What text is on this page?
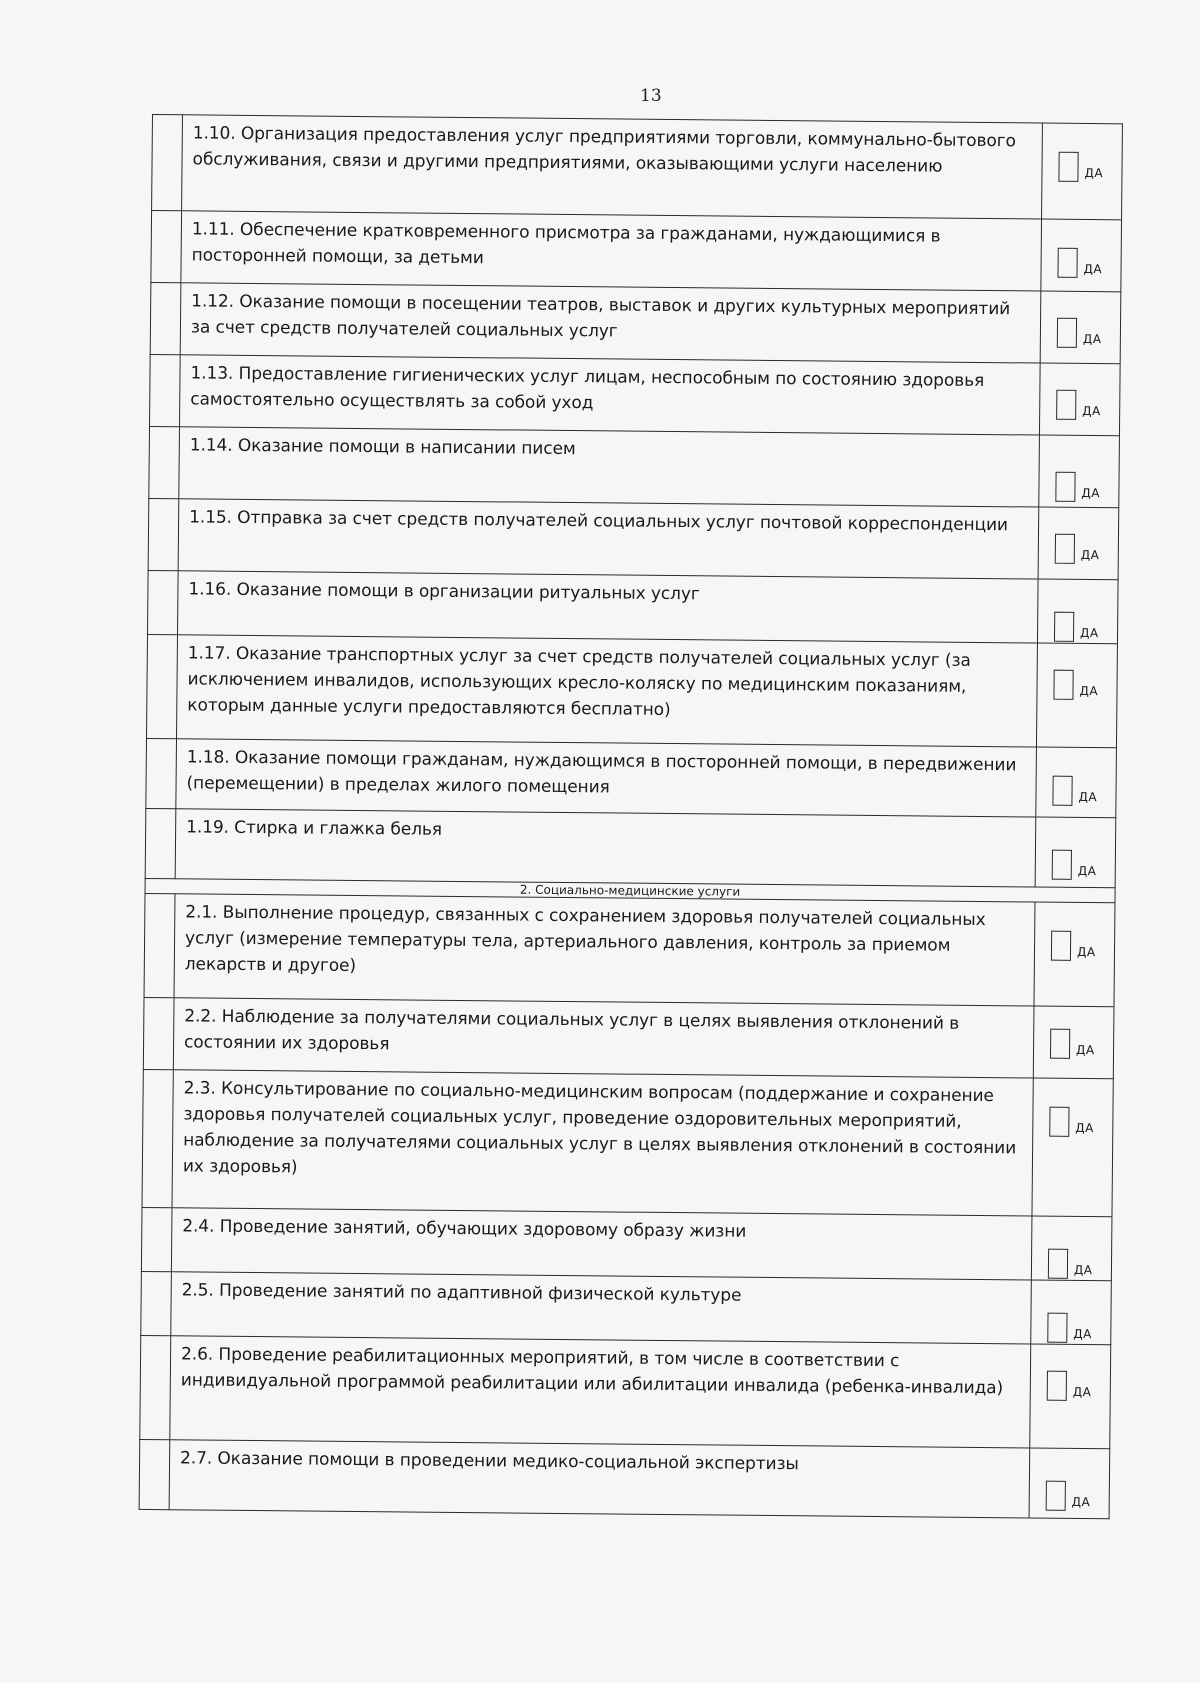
13

	1.10. Организация предоставления услуг предприятиями торговли, коммунально-бытового обслуживания, связи и другими предприятиями, оказывающими услуги населению	ДА

	1.11. Обеспечение кратковременного присмотра за гражданами, нуждающимися в посторонней помощи, за детьми	ДА

	1.12. Оказание помощи в посещении театров, выставок и других культурных мероприятий за счет средств получателей социальных услуг	ДА

	1.13. Предоставление гигиенических услуг лицам, неспособным по состоянию здоровья самостоятельно осуществлять за собой уход	ДА

	1.14. Оказание помощи в написании писем	ДА

	1.15. Отправка за счет средств получателей социальных услуг почтовой корреспонденции	ДА

	1.16. Оказание помощи в организации ритуальных услуг	ДА

	1.17. Оказание транспортных услуг за счет средств получателей социальных услуг (за исключением инвалидов, использующих кресло-коляску по медицинским показаниям, которым данные услуги предоставляются бесплатно)	ДА

	1.18. Оказание помощи гражданам, нуждающимся в посторонней помощи, в передвижении (перемещении) в пределах жилого помещения	ДА

	1.19. Стирка и глажка белья	ДА

2. Социально-медицинские услуги		

	2.1. Выполнение процедур, связанных с сохранением здоровья получателей социальных услуг (измерение температуры тела, артериального давления, контроль за приемом лекарств и другое)	ДА

	2.2. Наблюдение за получателями социальных услуг в целях выявления отклонений в состоянии их здоровья	ДА

	2.3. Консультирование по социально-медицинским вопросам (поддержание и сохранение здоровья получателей социальных услуг, проведение оздоровительных мероприятий, наблюдение за получателями социальных услуг в целях выявления отклонений в состоянии их здоровья)	ДА

	2.4. Проведение занятий, обучающих здоровому образу жизни	ДА

	2.5. Проведение занятий по адаптивной физической культуре	ДА

	2.6. Проведение реабилитационных мероприятий, в том числе в соответствии с индивидуальной программой реабилитации или абилитации инвалида (ребенка-инвалида)	ДА

	2.7. Оказание помощи в проведении медико-социальной экспертизы	ДА
